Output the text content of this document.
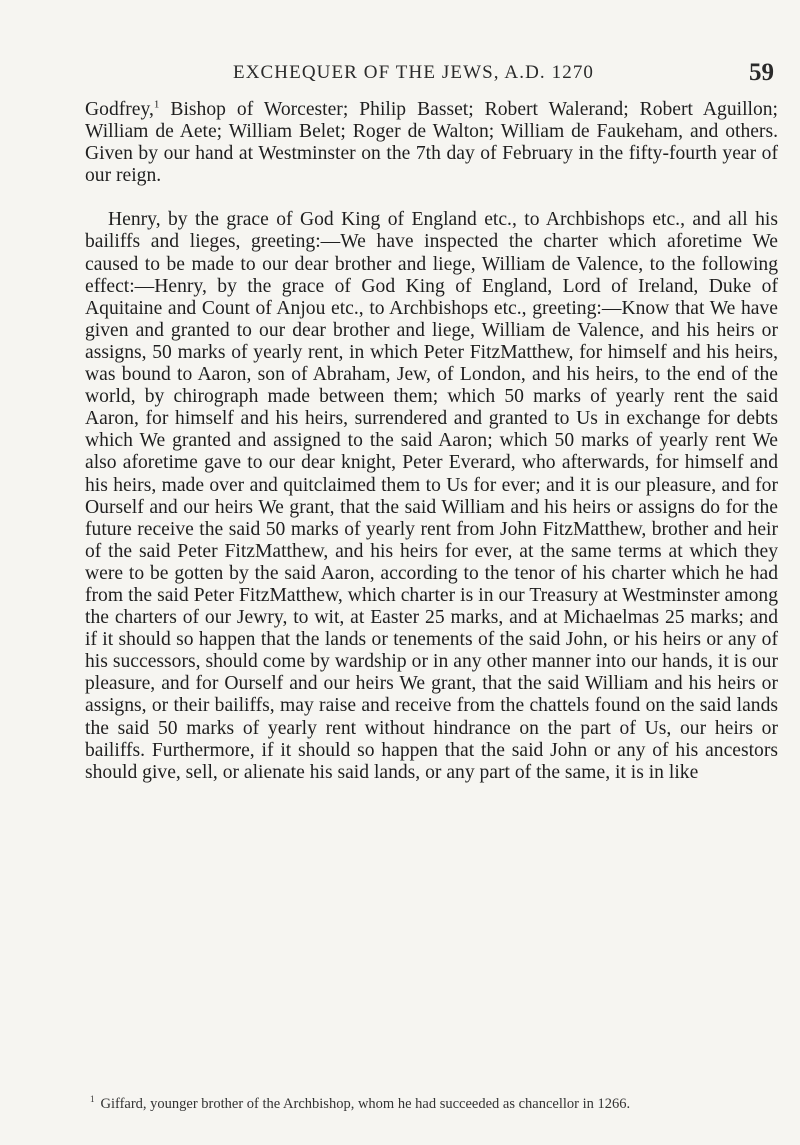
EXCHEQUER OF THE JEWS, A.D. 1270	59

Godfrey,$^1$ Bishop of Worcester; Philip Basset; Robert Walerand; Robert Aguillon; William de Aete; William Belet; Roger de Walton; William de Faukeham, and others. Given by our hand at Westminster on the 7th day of February in the fifty-fourth year of our reign.

Henry, by the grace of God King of England etc., to Archbishops etc., and all his bailiffs and lieges, greeting:—We have inspected the charter which aforetime We caused to be made to our dear brother and liege, William de Valence, to the following effect:—Henry, by the grace of God King of England, Lord of Ireland, Duke of Aquitaine and Count of Anjou etc., to Archbishops etc., greeting:—Know that We have given and granted to our dear brother and liege, William de Valence, and his heirs or assigns, 50 marks of yearly rent, in which Peter FitzMatthew, for himself and his heirs, was bound to Aaron, son of Abraham, Jew, of London, and his heirs, to the end of the world, by chirograph made between them; which 50 marks of yearly rent the said Aaron, for himself and his heirs, surrendered and granted to Us in exchange for debts which We granted and assigned to the said Aaron; which 50 marks of yearly rent We also aforetime gave to our dear knight, Peter Everard, who afterwards, for himself and his heirs, made over and quitclaimed them to Us for ever; and it is our pleasure, and for Ourself and our heirs We grant, that the said William and his heirs or assigns do for the future receive the said 50 marks of yearly rent from John FitzMatthew, brother and heir of the said Peter FitzMatthew, and his heirs for ever, at the same terms at which they were to be gotten by the said Aaron, according to the tenor of his charter which he had from the said Peter FitzMatthew, which charter is in our Treasury at Westminster among the charters of our Jewry, to wit, at Easter 25 marks, and at Michaelmas 25 marks; and if it should so happen that the lands or tenements of the said John, or his heirs or any of his successors, should come by wardship or in any other manner into our hands, it is our pleasure, and for Ourself and our heirs We grant, that the said William and his heirs or assigns, or their bailiffs, may raise and receive from the chattels found on the said lands the said 50 marks of yearly rent without hindrance on the part of Us, our heirs or bailiffs. Furthermore, if it should so happen that the said John or any of his ancestors should give, sell, or alienate his said lands, or any part of the same, it is in like

$^1$ Giffard, younger brother of the Archbishop, whom he had succeeded as chancellor in 1266.
